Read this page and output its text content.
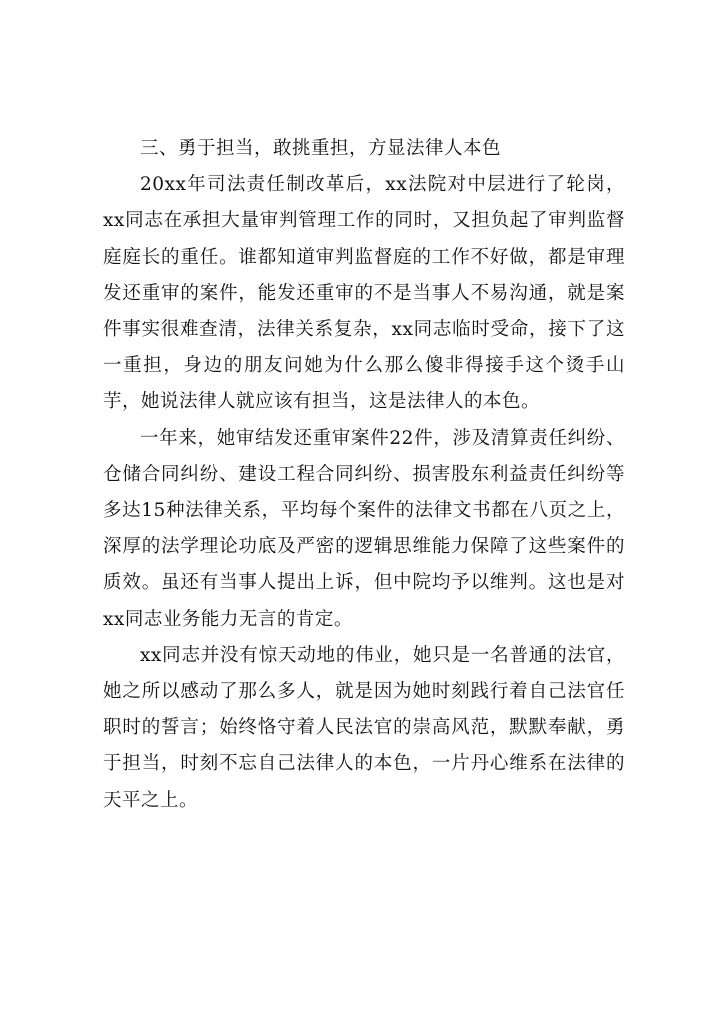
三、勇于担当，敢挑重担，方显法律人本色

20xx年司法责任制改革后，xx法院对中层进行了轮岗，xx同志在承担大量审判管理工作的同时，又担负起了审判监督庭庭长的重任。谁都知道审判监督庭的工作不好做，都是审理发还重审的案件，能发还重审的不是当事人不易沟通，就是案件事实很难查清，法律关系复杂，xx同志临时受命，接下了这一重担，身边的朋友问她为什么那么傻非得接手这个烫手山芋，她说法律人就应该有担当，这是法律人的本色。

一年来，她审结发还重审案件22件，涉及清算责任纠纷、仓储合同纠纷、建设工程合同纠纷、损害股东利益责任纠纷等多达15种法律关系，平均每个案件的法律文书都在八页之上，深厚的法学理论功底及严密的逻辑思维能力保障了这些案件的质效。虽还有当事人提出上诉，但中院均予以维判。这也是对xx同志业务能力无言的肯定。

xx同志并没有惊天动地的伟业，她只是一名普通的法官，她之所以感动了那么多人，就是因为她时刻践行着自己法官任职时的誓言；始终恪守着人民法官的崇高风范，默默奉献，勇于担当，时刻不忘自己法律人的本色，一片丹心维系在法律的天平之上。
